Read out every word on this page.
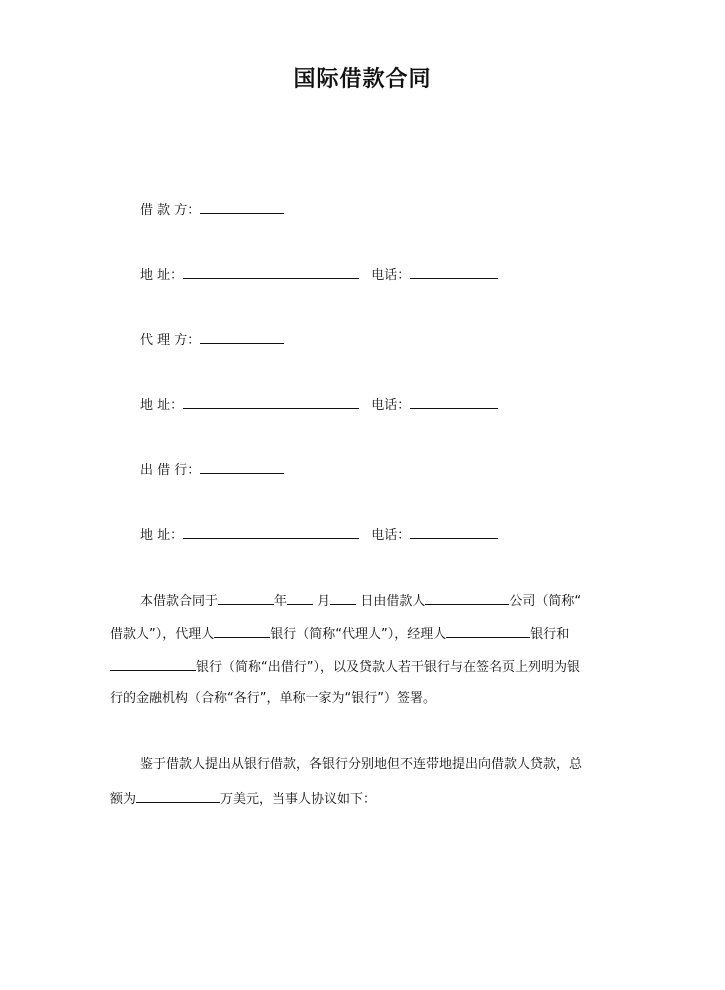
国际借款合同
借 款 方：
地 址：	电话：
代 理 方：
地 址：	电话：
出 借 行：
地 址：	电话：
本借款合同于	年 月 日由借款人	公司（简称“
借款人”），代理人	银行（简称“代理人”），经理人	银行和
银行（简称“出借行”），以及贷款人若干银行与在签名页上列明为银
行的金融机构（合称“各行”，单称一家为“银行”）签署。
鉴于借款人提出从银行借款，各银行分别地但不连带地提出向借款人贷款，总
额为	万美元，当事人协议如下：
